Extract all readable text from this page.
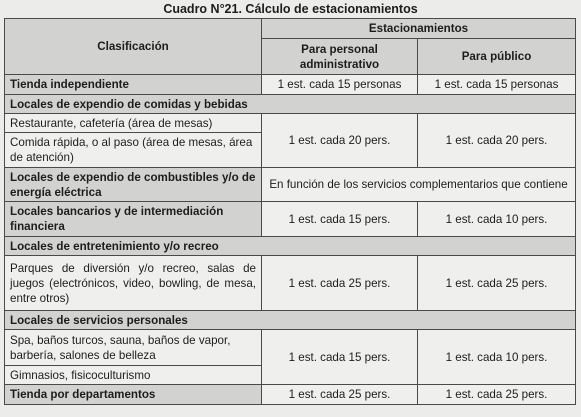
Cuadro N°21. Cálculo de estacionamientos
Clasificación	Estacionamientos	
	Para personal administrativo	Para público
Tienda independiente	1 est. cada 15 personas	1 est. cada 15 personas
Locales de expendio de comidas y bebidas		
Restaurante, cafetería (área de mesas)	1 est. cada 20 pers.	1 est. cada 20 pers.
Comida rápida, o al paso (área de mesas, área de atención)		
Locales de expendio de combustibles y/o de energía eléctrica	En función de los servicios complementarios que contiene	
Locales bancarios y de intermediación financiera	1 est. cada 15 pers.	1 est. cada 10 pers.
Locales de entretenimiento y/o recreo		
Parques de diversión y/o recreo, salas de juegos (electrónicos, video, bowling, de mesa, entre otros)	1 est. cada 25 pers.	1 est. cada 25 pers.
Locales de servicios personales		
Spa, baños turcos, sauna, baños de vapor, barbería, salones de belleza	1 est. cada 15 pers.	1 est. cada 10 pers.
Gimnasios, fisicoculturismo		
Tienda por departamentos	1 est. cada 25 pers.	1 est. cada 25 pers.
